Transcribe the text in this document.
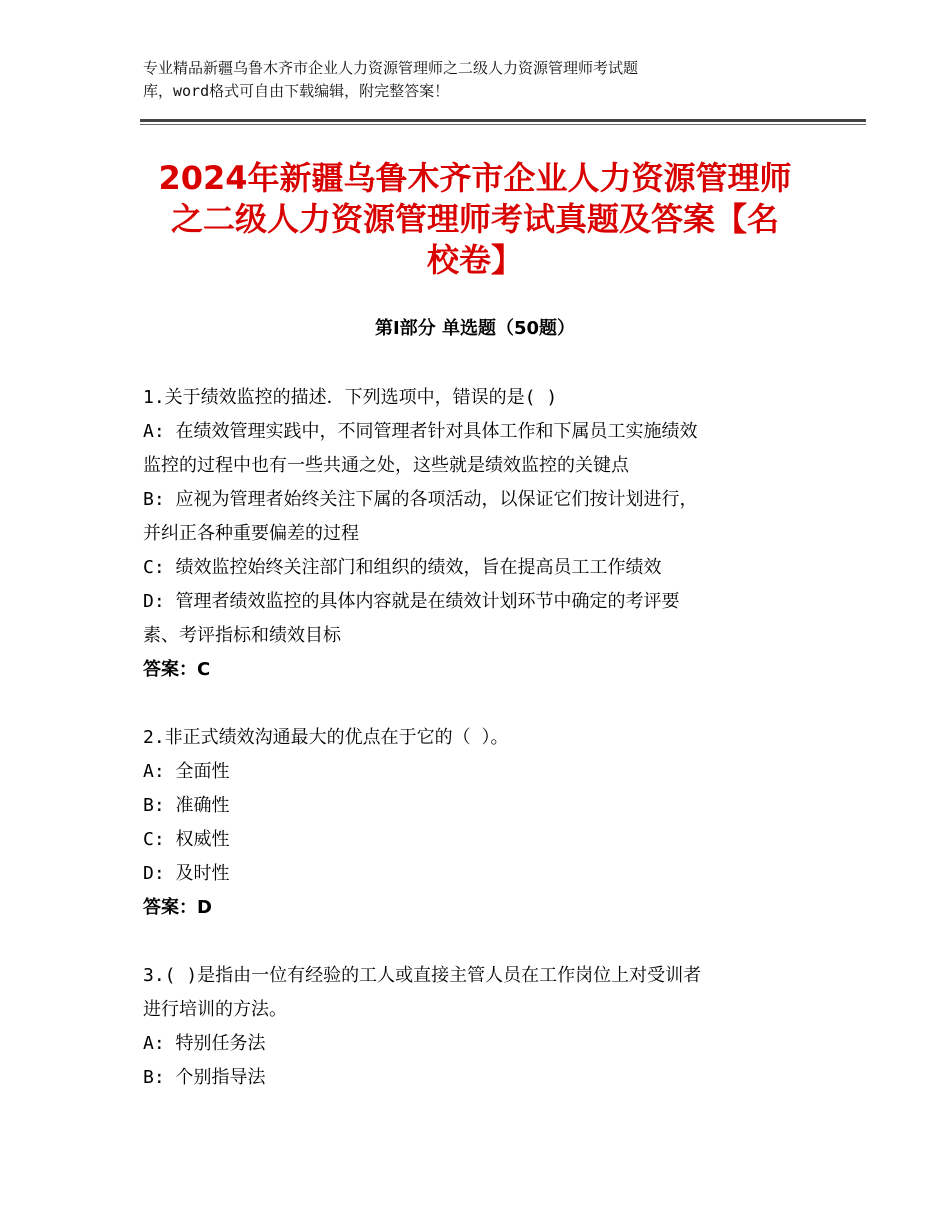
专业精品新疆乌鲁木齐市企业人力资源管理师之二级人力资源管理师考试题
库，word格式可自由下载编辑，附完整答案！
2024年新疆乌鲁木齐市企业人力资源管理师
之二级人力资源管理师考试真题及答案【名
校卷】
第Ⅰ部分 单选题（50题）
1.关于绩效监控的描述．下列选项中，错误的是( )
A: 在绩效管理实践中，不同管理者针对具体工作和下属员工实施绩效
监控的过程中也有一些共通之处，这些就是绩效监控的关键点
B: 应视为管理者始终关注下属的各项活动，以保证它们按计划进行，
并纠正各种重要偏差的过程
C: 绩效监控始终关注部门和组织的绩效，旨在提高员工工作绩效
D: 管理者绩效监控的具体内容就是在绩效计划环节中确定的考评要
素、考评指标和绩效目标
答案：C
2.非正式绩效沟通最大的优点在于它的（ ）。
A: 全面性
B: 准确性
C: 权威性
D: 及时性
答案：D
3.( )是指由一位有经验的工人或直接主管人员在工作岗位上对受训者
进行培训的方法。
A: 特别任务法
B: 个别指导法
